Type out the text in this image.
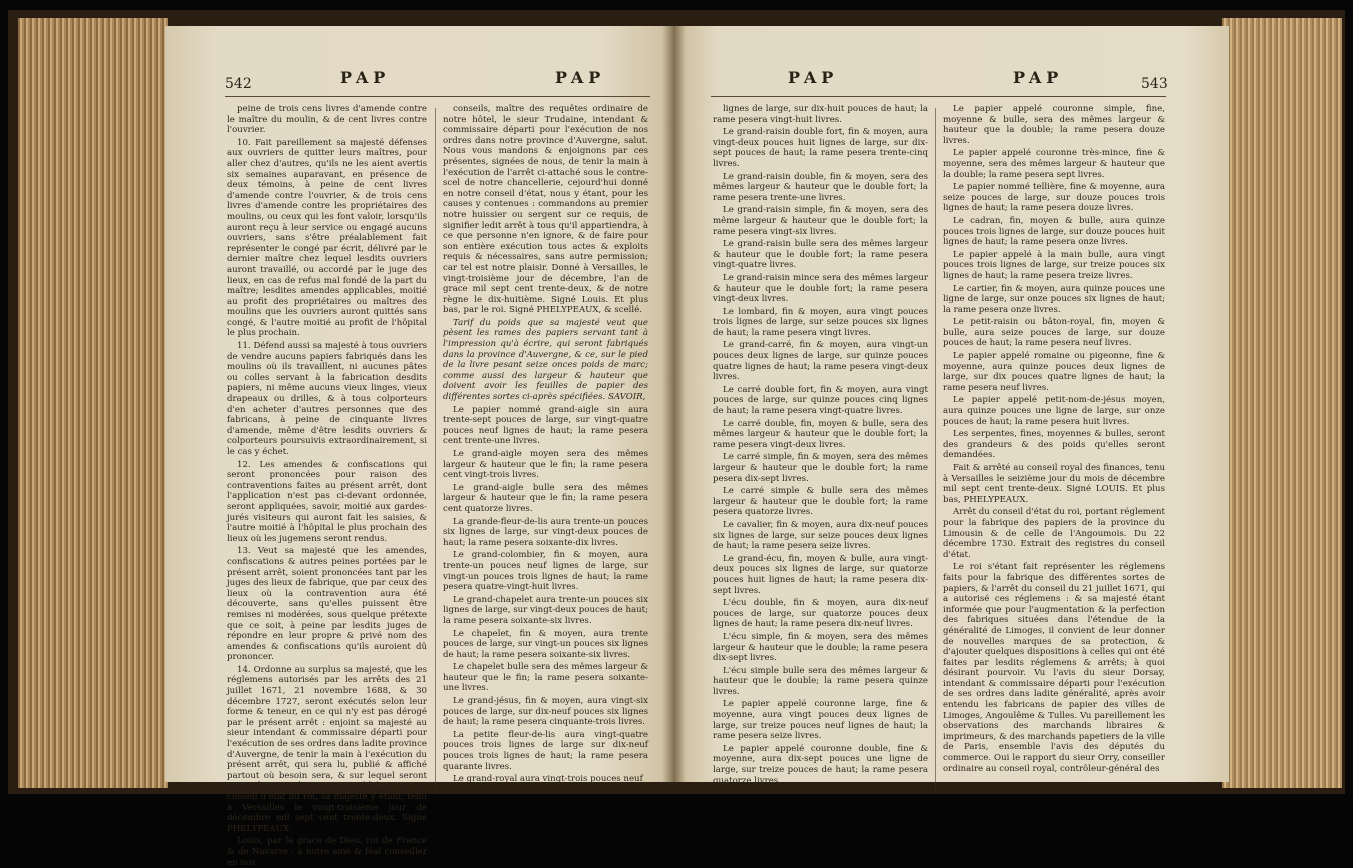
542	PAP	PAP

peine de trois cens livres d'amende contre le maître du moulin, & de cent livres contre l'ouvrier.

10. Fait pareillement sa majesté défenses aux ouvriers de quitter leurs maîtres, pour aller chez d'autres, qu'ils ne les aient avertis six semaines auparavant, en présence de deux témoins, à peine de cent livres d'amende contre l'ouvrier, & de trois cens livres d'amende contre les propriétaires des moulins, ou ceux qui les font valoir, lorsqu'ils auront reçu à leur service ou engagé aucuns ouvriers, sans s'être préalablement fait représenter le congé par écrit, délivré par le dernier maître chez lequel lesdits ouvriers auront travaillé, ou accordé par le juge des lieux, en cas de refus mal fondé de la part du maître; lesdites amendes applicables, moitié au profit des propriétaires ou maîtres des moulins que les ouvriers auront quittés sans congé, & l'autre moitié au profit de l'hôpital le plus prochain.

11. Défend aussi sa majesté à tous ouvriers de vendre aucuns papiers fabriqués dans les moulins où ils travaillent, ni aucunes pâtes ou colles servant à la fabrication desdits papiers, ni même aucuns vieux linges, vieux drapeaux ou drilles, & à tous colporteurs d'en acheter d'autres personnes que des fabricans, à peine de cinquante livres d'amende, même d'être lesdits ouvriers & colporteurs poursuivis extraordinairement, si le cas y échet.

12. Les amendes & confiscations qui seront prononcées pour raison des contraventions faites au présent arrêt, dont l'application n'est pas ci-devant ordonnée, seront appliquées, savoir, moitié aux gardes-jurés visiteurs qui auront fait les saisies, & l'autre moitié à l'hôpital le plus prochain des lieux où les jugemens seront rendus.

13. Veut sa majesté que les amendes, confiscations & autres peines portées par le présent arrêt, soient prononcées tant par les juges des lieux de fabrique, que par ceux des lieux où la contravention aura été découverte, sans qu'elles puissent être remises ni modérées, sous quelque prétexte que ce soit, à peine par lesdits juges de répondre en leur propre & privé nom des amendes & confiscations qu'ils auroient dû prononcer.

14. Ordonne au surplus sa majesté, que les réglemens autorisés par les arrêts des 21 juillet 1671, 21 novembre 1688, & 30 décembre 1727, seront exécutés selon leur forme & teneur, en ce qui n'y est pas dérogé par le présent arrêt : enjoint sa majesté au sieur intendant & commissaire départi pour l'exécution de ses ordres dans ladite province d'Auvergne, de tenir la main à l'exécution du présent arrêt, qui sera lu, publié & affiché partout où besoin sera, & sur lequel seront toutes lettres nécessaires expédiées. Fait au conseil d'état du roi, sa majesté y étant, tenu à Versailles le vingt-troisième jour de décembre mil sept cent trente-deux. Signé PHELYPEAUX.

Louis, par la grace de Dieu, roi de France & de Navarre : à notre amé & féal conseiller en nos

conseils, maître des requêtes ordinaire de notre hôtel, le sieur Trudaine, intendant & commissaire départi pour l'exécution de nos ordres dans notre province d'Auvergne, salut. Nous vous mandons & enjoignons par ces présentes, signées de nous, de tenir la main à l'exécution de l'arrêt ci-attaché sous le contre-scel de notre chancellerie, cejourd'hui donné en notre conseil d'état, nous y étant, pour les causes y contenues : commandons au premier notre huissier ou sergent sur ce requis, de signifier ledit arrêt à tous qu'il appartiendra, à ce que personne n'en ignore, & de faire pour son entière exécution tous actes & exploits requis & nécessaires, sans autre permission; car tel est notre plaisir. Donné à Versailles, le vingt-troisième jour de décembre, l'an de grace mil sept cent trente-deux, & de notre règne le dix-huitième. Signé Louis. Et plus bas, par le roi. Signé PHELYPEAUX, & scellé.

Tarif du poids que sa majesté veut que pèsent les rames des papiers servant tant à l'impression qu'à écrire, qui seront fabriqués dans la province d'Auvergne, & ce, sur le pied de la livre pesant seize onces poids de marc; comme aussi des largeur & hauteur que doivent avoir les feuilles de papier des différentes sortes ci-après spécifiées. SAVOIR,

Le papier nommé grand-aigle sin aura trente-sept pouces de large, sur vingt-quatre pouces neuf lignes de haut; la rame pesera cent trente-une livres.

Le grand-aigle moyen sera des mêmes largeur & hauteur que le fin; la rame pesera cent vingt-trois livres.

Le grand-aigle bulle sera des mêmes largeur & hauteur que le fin; la rame pesera cent quatorze livres.

La grande-fleur-de-lis aura trente-un pouces six lignes de large, sur vingt-deux pouces de haut; la rame pesera soixante-dix livres.

Le grand-colombier, fin & moyen, aura trente-un pouces neuf lignes de large, sur vingt-un pouces trois lignes de haut; la rame pesera quatre-vingt-huit livres.

Le grand-chapelet aura trente-un pouces six lignes de large, sur vingt-deux pouces de haut; la rame pesera soixante-six livres.

Le chapelet, fin & moyen, aura trente pouces de large, sur vingt-un pouces six lignes de haut; la rame pesera soixante-six livres.

Le chapelet bulle sera des mêmes largeur & hauteur que le fin; la rame pesera soixante-une livres.

Le grand-jésus, fin & moyen, aura vingt-six pouces de large, sur dix-neuf pouces six lignes de haut; la rame pesera cinquante-trois livres.

La petite fleur-de-lis aura vingt-quatre pouces trois lignes de large sur dix-neuf pouces trois lignes de haut; la rame pesera quarante livres.

Le grand-royal aura vingt-trois pouces neuf

PAP	PAP	543

lignes de large, sur dix-huit pouces de haut; la rame pesera vingt-huit livres.

Le grand-raisin double fort, fin & moyen, aura vingt-deux pouces huit lignes de large, sur dix-sept pouces de haut; la rame pesera trente-cinq livres.

Le grand-raisin double, fin & moyen, sera des mêmes largeur & hauteur que le double fort; la rame pesera trente-une livres.

Le grand-raisin simple, fin & moyen, sera des même largeur & hauteur que le double fort; la rame pesera vingt-six livres.

Le grand-raisin bulle sera des mêmes largeur & hauteur que le double fort; la rame pesera vingt-quatre livres.

Le grand-raisin mince sera des mêmes largeur & hauteur que le double fort; la rame pesera vingt-deux livres.

Le lombard, fin & moyen, aura vingt pouces trois lignes de large, sur seize pouces six lignes de haut; la rame pesera vingt livres.

Le grand-carré, fin & moyen, aura vingt-un pouces deux lignes de large, sur quinze pouces quatre lignes de haut; la rame pesera vingt-deux livres.

Le carré double fort, fin & moyen, aura vingt pouces de large, sur quinze pouces cinq lignes de haut; la rame pesera vingt-quatre livres.

Le carré double, fin, moyen & bulle, sera des mêmes largeur & hauteur que le double fort; la rame pesera vingt-deux livres.

Le carré simple, fin & moyen, sera des mêmes largeur & hauteur que le double fort; la rame pesera dix-sept livres.

Le carré simple & bulle sera des mêmes largeur & hauteur que le double fort; la rame pesera quatorze livres.

Le cavalier, fin & moyen, aura dix-neuf pouces six lignes de large, sur seize pouces deux lignes de haut; la rame pesera seize livres.

Le grand-écu, fin, moyen & bulle, aura vingt-deux pouces six lignes de large, sur quatorze pouces huit lignes de haut; la rame pesera dix-sept livres.

L'écu double, fin & moyen, aura dix-neuf pouces de large, sur quatorze pouces deux lignes de haut; la rame pesera dix-neuf livres.

L'écu simple, fin & moyen, sera des mêmes largeur & hauteur que le double; la rame pesera dix-sept livres.

L'écu simple bulle sera des mêmes largeur & hauteur que le double; la rame pesera quinze livres.

Le papier appelé couronne large, fine & moyenne, aura vingt pouces deux lignes de large, sur treize pouces neuf lignes de haut; la rame pesera seize livres.

Le papier appelé couronne double, fine & moyenne, aura dix-sept pouces une ligne de large, sur treize pouces de haut; la rame pesera quatorze livres.

Le papier appelé couronne simple, fine, moyenne & bulle, sera des mêmes largeur & hauteur que la double; la rame pesera douze livres.

Le papier appelé couronne très-mince, fine & moyenne, sera des mêmes largeur & hauteur que la double; la rame pesera sept livres.

Le papier nommé tellière, fine & moyenne, aura seize pouces de large, sur douze pouces trois lignes de haut; la rame pesera douze livres.

Le cadran, fin, moyen & bulle, aura quinze pouces trois lignes de large, sur douze pouces huit lignes de haut; la rame pesera onze livres.

Le papier appelé à la main bulle, aura vingt pouces trois lignes de large, sur treize pouces six lignes de haut; la rame pesera treize livres.

Le cartier, fin & moyen, aura quinze pouces une ligne de large, sur onze pouces six lignes de haut; la rame pesera onze livres.

Le petit-raisin ou bâton-royal, fin, moyen & bulle, aura seize pouces de large, sur douze pouces de haut; la rame pesera neuf livres.

Le papier appelé romaine ou pigeonne, fine & moyenne, aura quinze pouces deux lignes de large, sur dix pouces quatre lignes de haut; la rame pesera neuf livres.

Le papier appelé petit-nom-de-jésus moyen, aura quinze pouces une ligne de large, sur onze pouces de haut; la rame pesera huit livres.

Les serpentes, fines, moyennes & bulles, seront des grandeurs & des poids qu'elles seront demandées.

Fait & arrêté au conseil royal des finances, tenu à Versailles le seizième jour du mois de décembre mil sept cent trente-deux. Signé LOUIS. Et plus bas, PHELYPEAUX.

Arrêt du conseil d'état du roi, portant réglement pour la fabrique des papiers de la province du Limousin & de celle de l'Angoumois. Du 22 décembre 1730. Extrait des registres du conseil d'état.

Le roi s'étant fait représenter les réglemens faits pour la fabrique des différentes sortes de papiers, & l'arrêt du conseil du 21 juillet 1671, qui a autorisé ces réglemens : & sa majesté étant informée que pour l'augmentation & la perfection des fabriques situées dans l'étendue de la généralité de Limoges, il convient de leur donner de nouvelles marques de sa protection, & d'ajouter quelques dispositions à celles qui ont été faites par lesdits réglemens & arrêts; à quoi désirant pourvoir. Vu l'avis du sieur Dorsay, intendant & commissaire départi pour l'exécution de ses ordres dans ladite généralité, après avoir entendu les fabricans de papier des villes de Limoges, Angoulême & Tulles. Vu pareillement les observations des marchands libraires & imprimeurs, & des marchands papetiers de la ville de Paris, ensemble l'avis des députés du commerce. Oui le rapport du sieur Orry, conseiller ordinaire au conseil royal, contrôleur-général des
